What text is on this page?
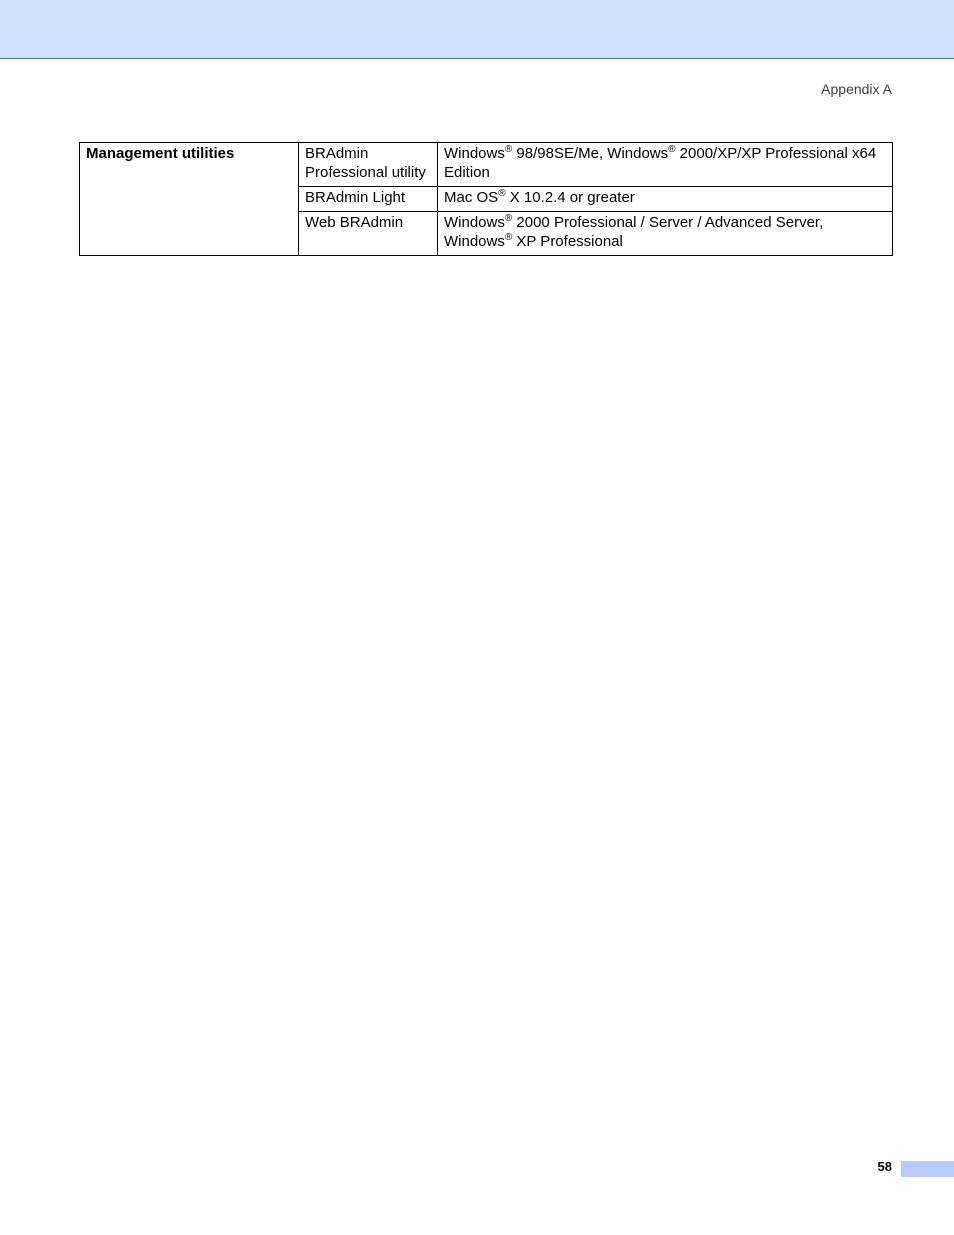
Appendix A
Management utilities	BRAdmin Professional utility	Windows® 98/98SE/Me, Windows® 2000/XP/XP Professional x64 Edition

	BRAdmin Light	Mac OS® X 10.2.4 or greater

	Web BRAdmin	Windows® 2000 Professional / Server / Advanced Server,
Windows® XP Professional
58
